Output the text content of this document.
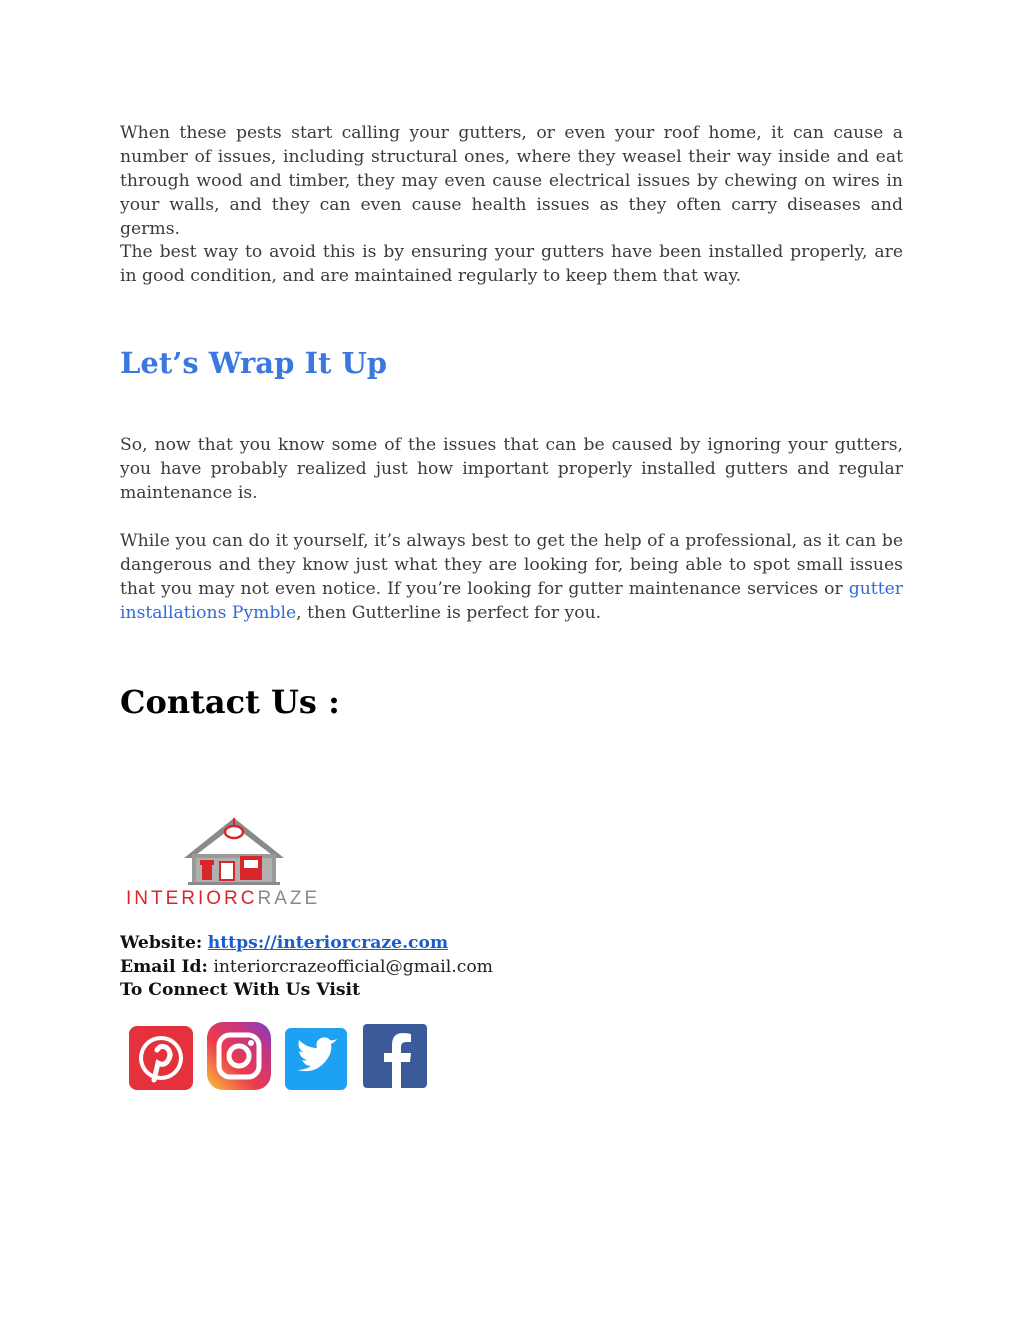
When these pests start calling your gutters, or even your roof home, it can cause a number of issues, including structural ones, where they weasel their way inside and eat through wood and timber, they may even cause electrical issues by chewing on wires in your walls, and they can even cause health issues as they often carry diseases and germs.

The best way to avoid this is by ensuring your gutters have been installed properly, are in good condition, and are maintained regularly to keep them that way.

Let’s Wrap It Up

So, now that you know some of the issues that can be caused by ignoring your gutters, you have probably realized just how important properly installed gutters and regular maintenance is.

While you can do it yourself, it’s always best to get the help of a professional, as it can be dangerous and they know just what they are looking for, being able to spot small issues that you may not even notice. If you’re looking for gutter maintenance services or gutter installations Pymble, then Gutterline is perfect for you.

Contact Us :
INTERIORCRAZE

Website: https://interiorcraze.com

Email Id: interiorcrazeofficial@gmail.com

To Connect With Us Visit
